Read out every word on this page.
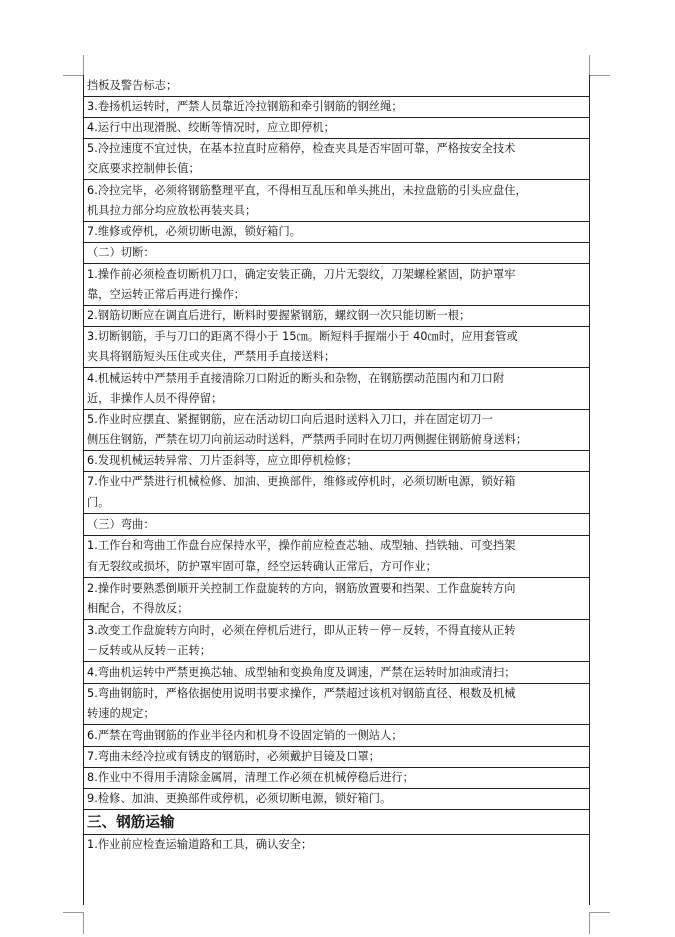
挡板及警告标志；
3.卷扬机运转时，严禁人员靠近冷拉钢筋和牵引钢筋的钢丝绳；
4.运行中出现滑脱、绞断等情况时，应立即停机；
5.冷拉速度不宜过快，在基本拉直时应稍停，检查夹具是否牢固可靠，严格按安全技术
交底要求控制伸长值；
6.冷拉完毕，必须将钢筋整理平直，不得相互乱压和单头挑出，未拉盘筋的引头应盘住，
机具拉力部分均应放松再装夹具；
7.维修或停机，必须切断电源，锁好箱门。
（二）切断：
1.操作前必须检查切断机刀口，确定安装正确，刀片无裂纹，刀架螺栓紧固，防护罩牢
靠，空运转正常后再进行操作；
2.钢筋切断应在调直后进行，断料时要握紧钢筋，螺纹钢一次只能切断一根；
3.切断钢筋，手与刀口的距离不得小于 15㎝。断短料手握端小于 40㎝时，应用套管或
夹具将钢筋短头压住或夹住，严禁用手直接送料；
4.机械运转中严禁用手直接清除刀口附近的断头和杂物，在钢筋摆动范围内和刀口附
近，非操作人员不得停留；
5.作业时应摆直、紧握钢筋，应在活动切口向后退时送料入刀口，并在固定切刀一
侧压住钢筋，严禁在切刀向前运动时送料，严禁两手同时在切刀两侧握住钢筋俯身送料；
6.发现机械运转异常、刀片歪斜等，应立即停机检修；
7.作业中严禁进行机械检修、加油、更换部件，维修或停机时，必须切断电源，锁好箱
门。
（三）弯曲：
1.工作台和弯曲工作盘台应保持水平，操作前应检查芯轴、成型轴、挡铁轴、可变挡架
有无裂纹或损坏，防护罩牢固可靠，经空运转确认正常后，方可作业；
2.操作时要熟悉倒顺开关控制工作盘旋转的方向，钢筋放置要和挡架、工作盘旋转方向
相配合，不得放反；
3.改变工作盘旋转方向时，必须在停机后进行，即从正转－停－反转，不得直接从正转
－反转或从反转－正转；
4.弯曲机运转中严禁更换芯轴、成型轴和变换角度及调速，严禁在运转时加油或清扫；
5.弯曲钢筋时，严格依据使用说明书要求操作，严禁超过该机对钢筋直径、根数及机械
转速的规定；
6.严禁在弯曲钢筋的作业半径内和机身不设固定销的一侧站人；
7.弯曲未经冷拉或有锈皮的钢筋时，必须戴护目镜及口罩；
8.作业中不得用手清除金属屑，清理工作必须在机械停稳后进行；
9.检修、加油、更换部件或停机，必须切断电源，锁好箱门。
三、钢筋运输
1.作业前应检查运输道路和工具，确认安全；
